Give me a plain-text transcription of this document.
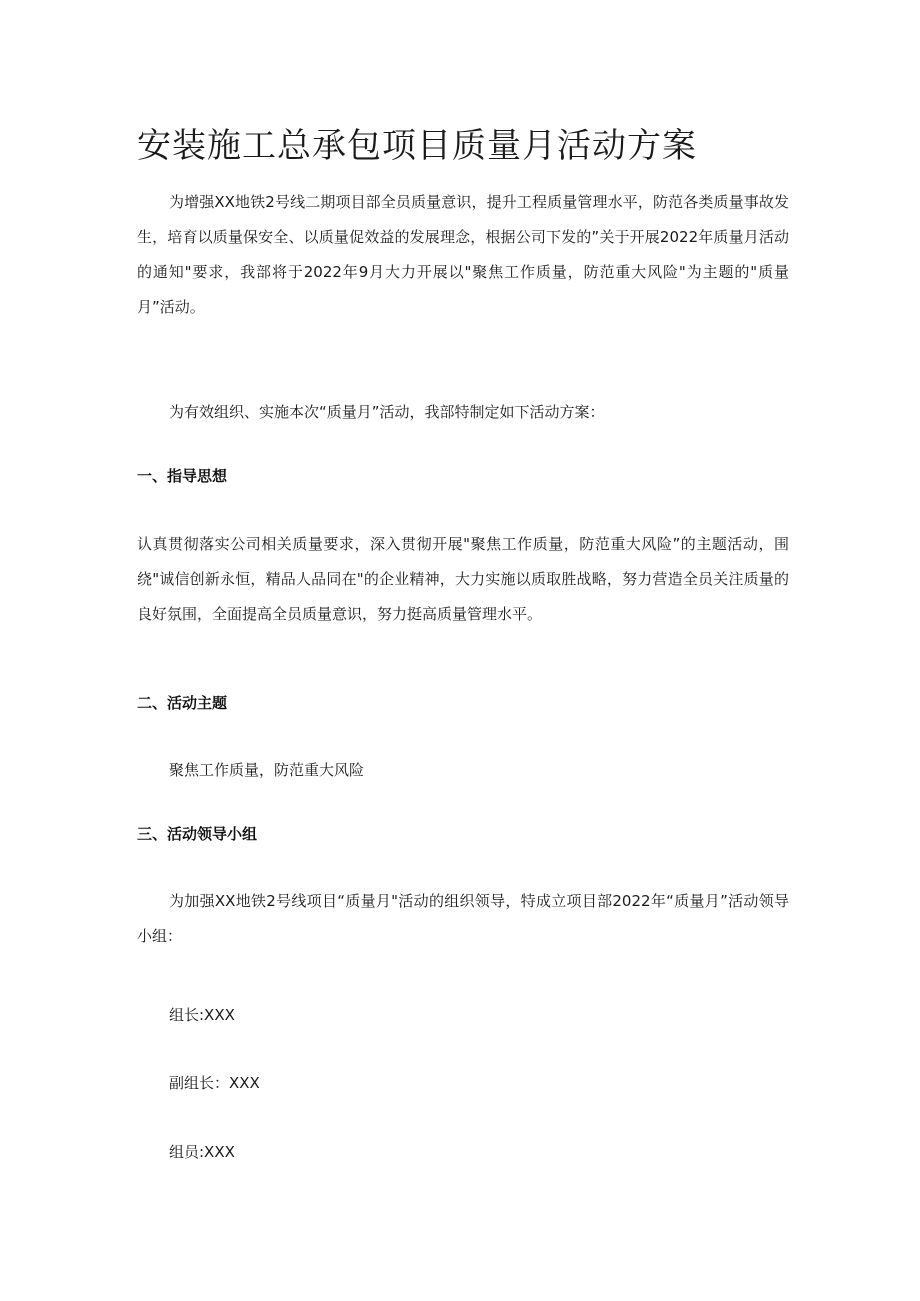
安装施工总承包项目质量月活动方案

为增强XX地铁2号线二期项目部全员质量意识，提升工程质量管理水平，防范各类质量事故发生，培育以质量保安全、以质量促效益的发展理念，根据公司下发的”关于开展2022年质量月活动的通知"要求，我部将于2022年9月大力开展以"聚焦工作质量，防范重大风险"为主题的"质量月”活动。

为有效组织、实施本次“质量月”活动，我部特制定如下活动方案：

一、指导思想

认真贯彻落实公司相关质量要求，深入贯彻开展"聚焦工作质量，防范重大风险”的主题活动，围绕"诚信创新永恒，精品人品同在"的企业精神，大力实施以质取胜战略，努力营造全员关注质量的良好氛围，全面提高全员质量意识，努力挺高质量管理水平。

二、活动主题

聚焦工作质量，防范重大风险

三、活动领导小组

为加强XX地铁2号线项目“质量月"活动的组织领导，特成立项目部2022年“质量月”活动领导小组：

组长:XXX

副组长：XXX

组员:XXX
